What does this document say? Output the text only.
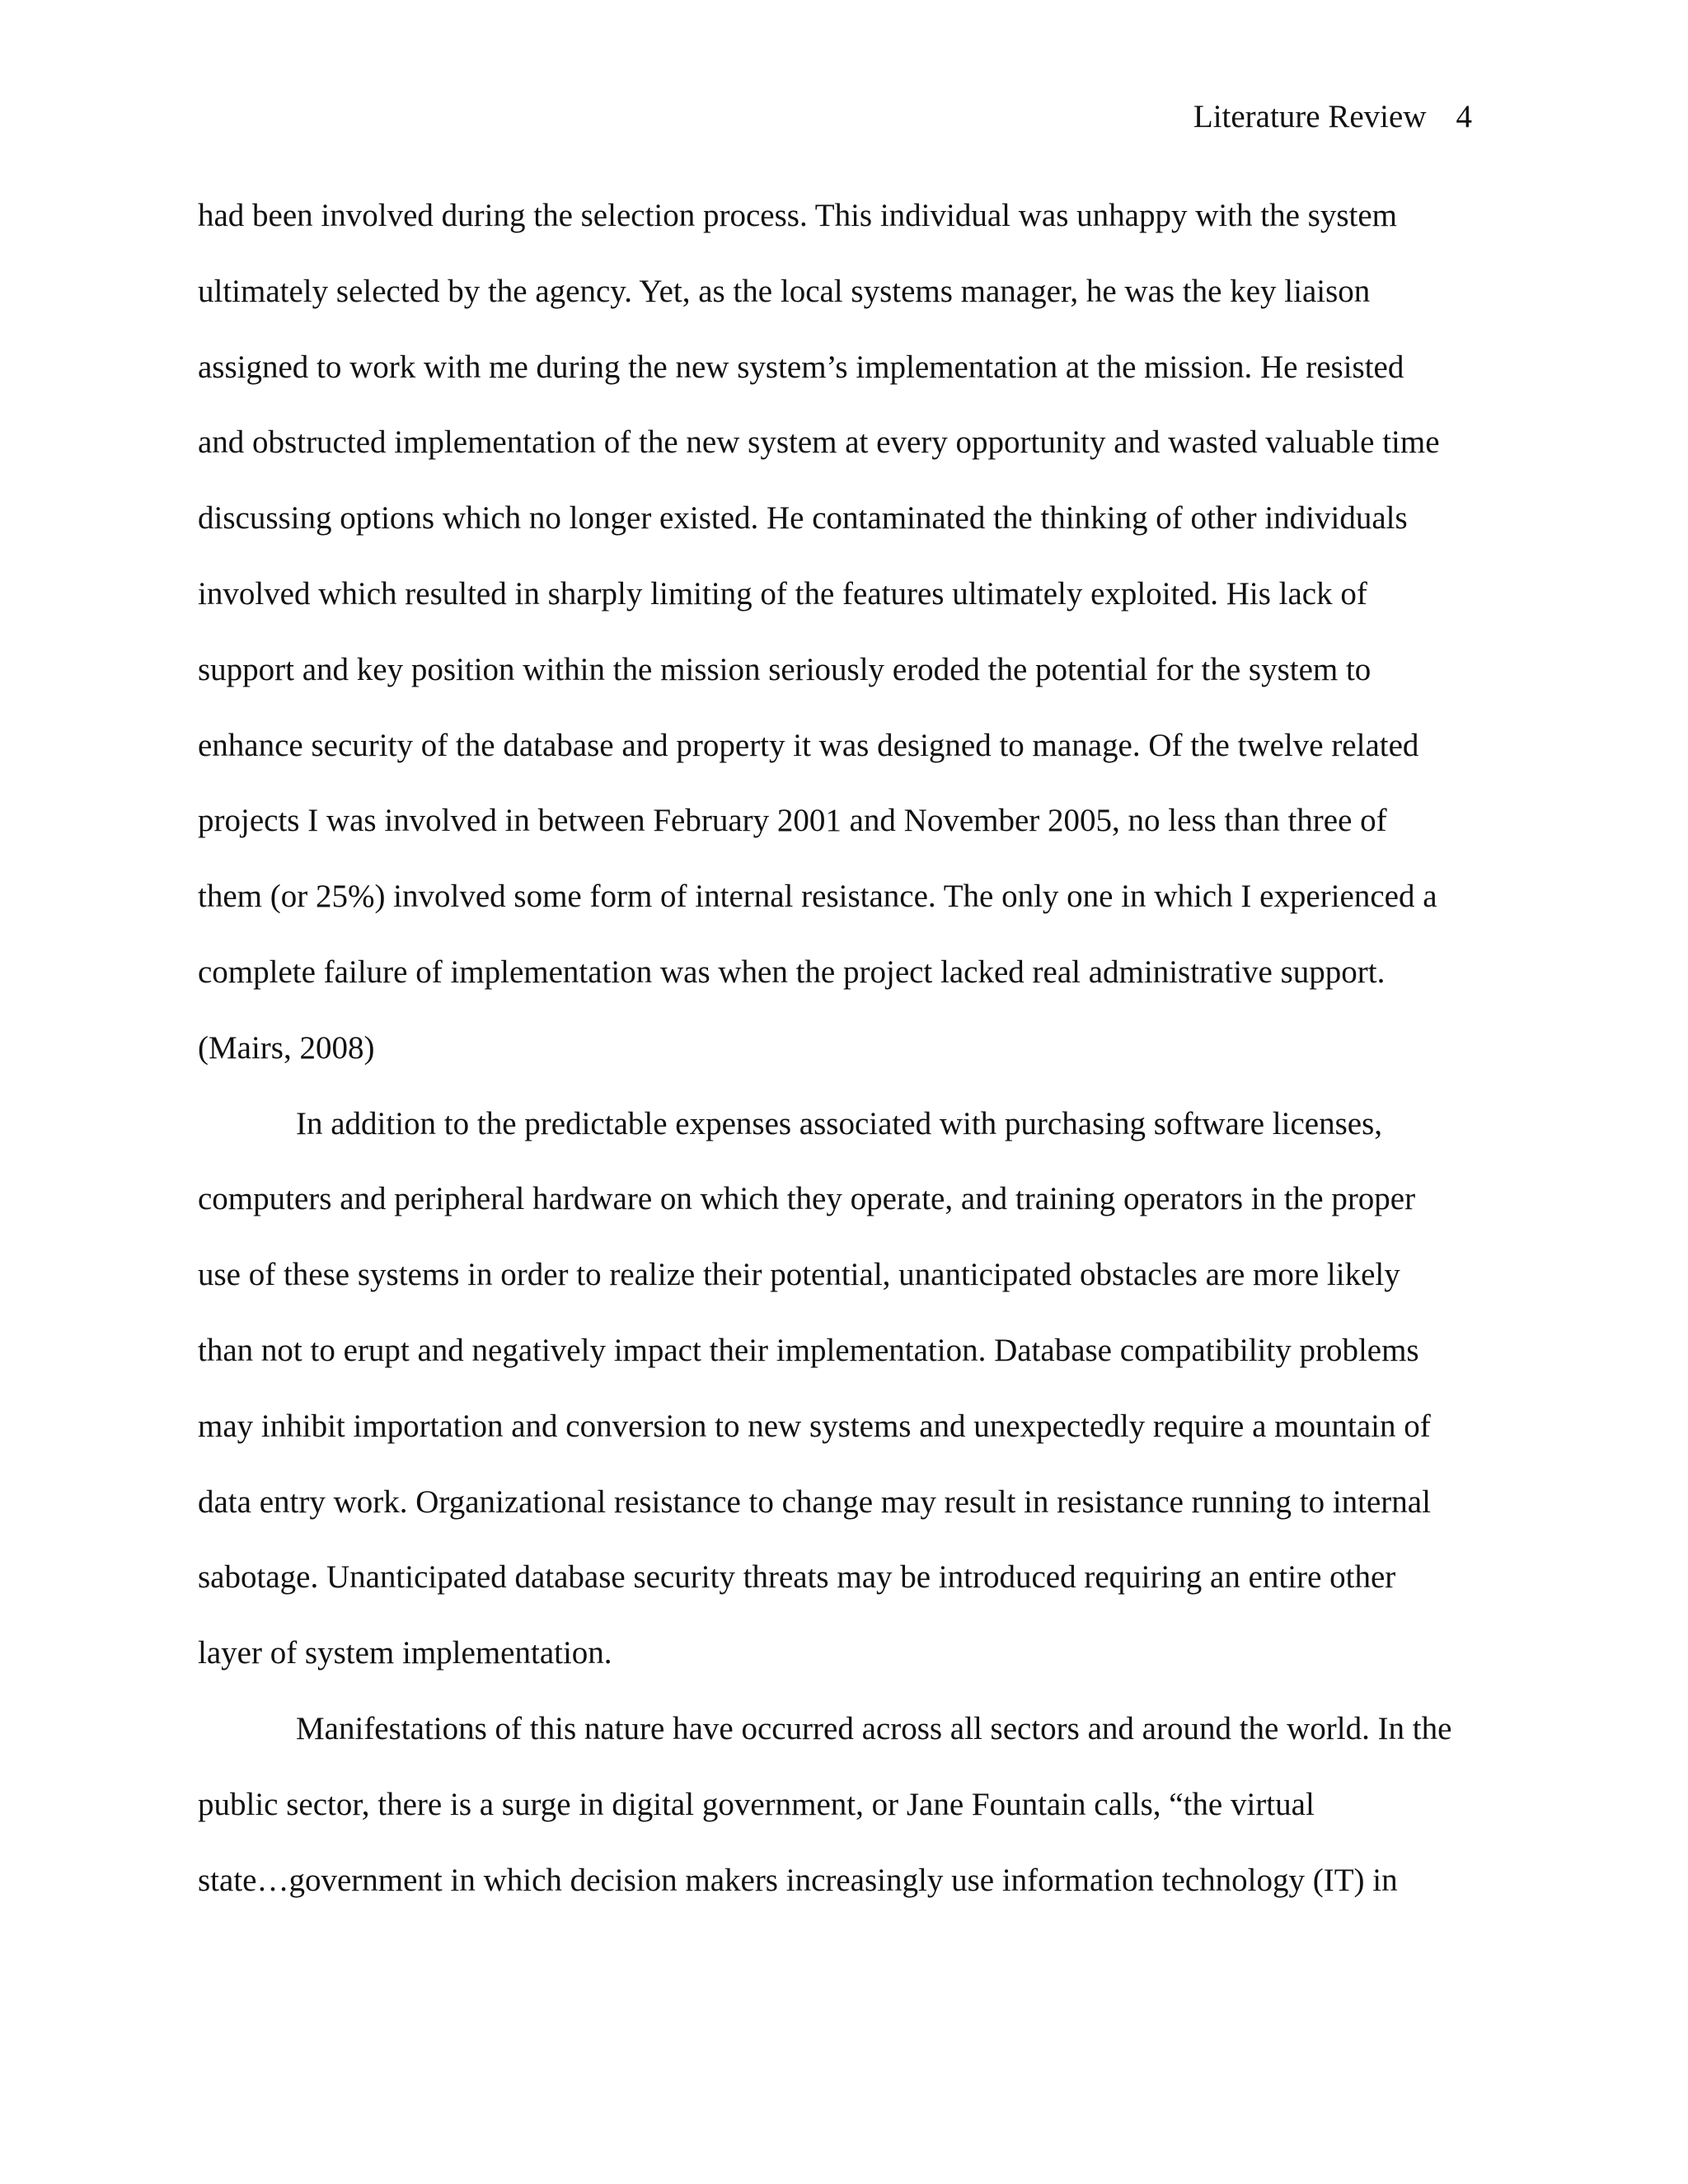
Literature Review 4
had been involved during the selection process. This individual was unhappy with the system
ultimately selected by the agency. Yet, as the local systems manager, he was the key liaison
assigned to work with me during the new system’s implementation at the mission. He resisted
and obstructed implementation of the new system at every opportunity and wasted valuable time
discussing options which no longer existed. He contaminated the thinking of other individuals
involved which resulted in sharply limiting of the features ultimately exploited. His lack of
support and key position within the mission seriously eroded the potential for the system to
enhance security of the database and property it was designed to manage. Of the twelve related
projects I was involved in between February 2001 and November 2005, no less than three of
them (or 25%) involved some form of internal resistance. The only one in which I experienced a
complete failure of implementation was when the project lacked real administrative support.
(Mairs, 2008)
In addition to the predictable expenses associated with purchasing software licenses,
computers and peripheral hardware on which they operate, and training operators in the proper
use of these systems in order to realize their potential, unanticipated obstacles are more likely
than not to erupt and negatively impact their implementation. Database compatibility problems
may inhibit importation and conversion to new systems and unexpectedly require a mountain of
data entry work. Organizational resistance to change may result in resistance running to internal
sabotage. Unanticipated database security threats may be introduced requiring an entire other
layer of system implementation.
Manifestations of this nature have occurred across all sectors and around the world. In the
public sector, there is a surge in digital government, or Jane Fountain calls, “the virtual
state…government in which decision makers increasingly use information technology (IT) in
